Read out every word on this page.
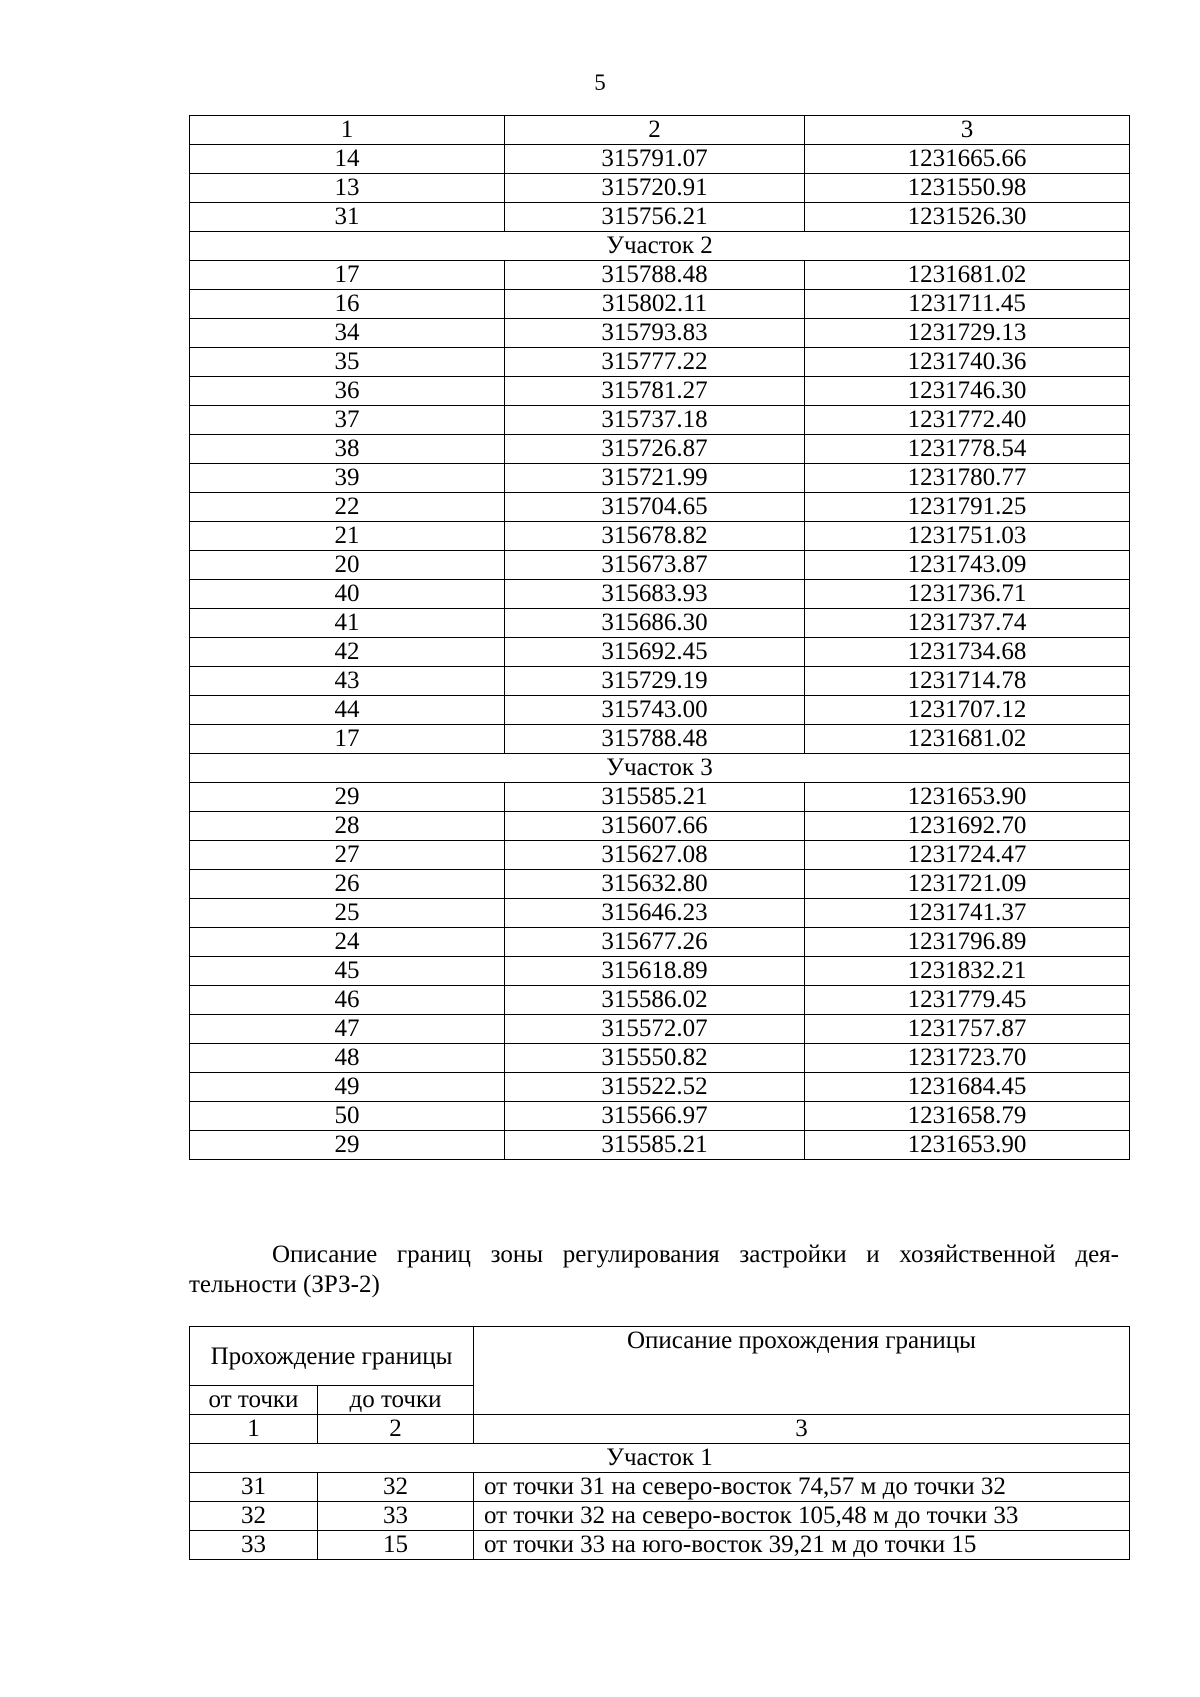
5
1	2	3
14	315791.07	1231665.66
13	315720.91	1231550.98
31	315756.21	1231526.30
Участок 2		
17	315788.48	1231681.02
16	315802.11	1231711.45
34	315793.83	1231729.13
35	315777.22	1231740.36
36	315781.27	1231746.30
37	315737.18	1231772.40
38	315726.87	1231778.54
39	315721.99	1231780.77
22	315704.65	1231791.25
21	315678.82	1231751.03
20	315673.87	1231743.09
40	315683.93	1231736.71
41	315686.30	1231737.74
42	315692.45	1231734.68
43	315729.19	1231714.78
44	315743.00	1231707.12
17	315788.48	1231681.02
Участок 3		
29	315585.21	1231653.90
28	315607.66	1231692.70
27	315627.08	1231724.47
26	315632.80	1231721.09
25	315646.23	1231741.37
24	315677.26	1231796.89
45	315618.89	1231832.21
46	315586.02	1231779.45
47	315572.07	1231757.87
48	315550.82	1231723.70
49	315522.52	1231684.45
50	315566.97	1231658.79
29	315585.21	1231653.90
Описание границ зоны регулирования застройки и хозяйственной дея-
тельности (ЗРЗ-2)
Прохождение границы		Описание прохождения границы
от точки	до точки	
1	2	3
Участок 1		
31	32	от точки 31 на северо-восток 74,57 м до точки 32
32	33	от точки 32 на северо-восток 105,48 м до точки 33
33	15	от точки 33 на юго-восток 39,21 м до точки 15
